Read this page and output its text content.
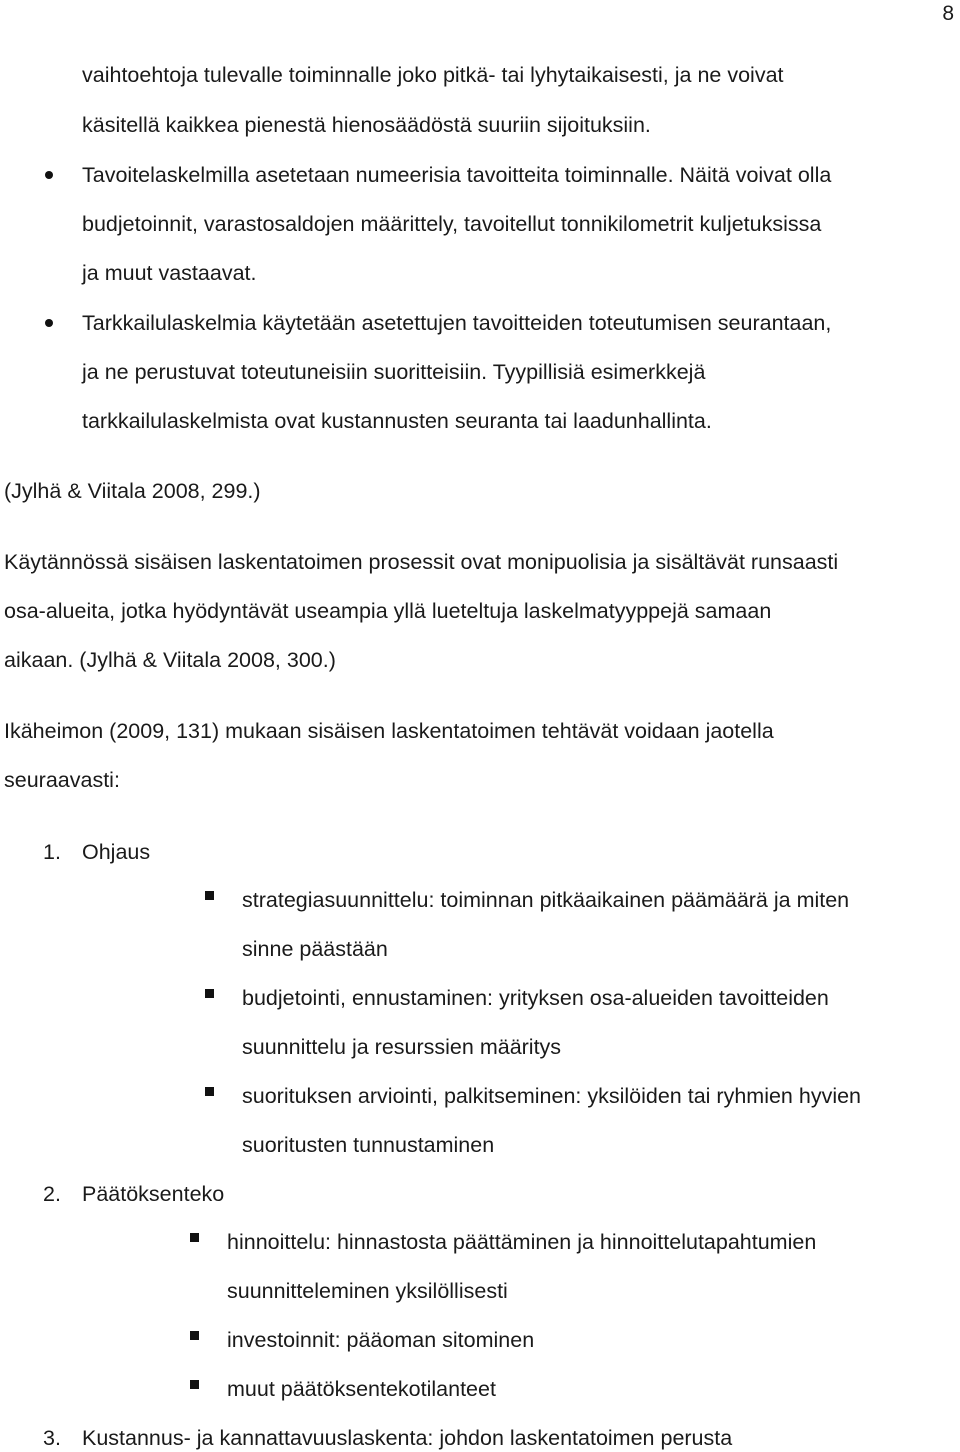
8
vaihtoehtoja tulevalle toiminnalle joko pitkä- tai lyhytaikaisesti, ja ne voivat
käsitellä kaikkea pienestä hienosäädöstä suuriin sijoituksiin.
Tavoitelaskelmilla asetetaan numeerisia tavoitteita toiminnalle. Näitä voivat olla
budjetoinnit, varastosaldojen määrittely, tavoitellut tonnikilometrit kuljetuksissa
ja muut vastaavat.
Tarkkailulaskelmia käytetään asetettujen tavoitteiden toteutumisen seurantaan,
ja ne perustuvat toteutuneisiin suoritteisiin. Tyypillisiä esimerkkejä
tarkkailulaskelmista ovat kustannusten seuranta tai laadunhallinta.
(Jylhä & Viitala 2008, 299.)
Käytännössä sisäisen laskentatoimen prosessit ovat monipuolisia ja sisältävät runsaasti
osa-alueita, jotka hyödyntävät useampia yllä lueteltuja laskelmatyyppejä samaan
aikaan. (Jylhä & Viitala 2008, 300.)
Ikäheimon (2009, 131) mukaan sisäisen laskentatoimen tehtävät voidaan jaotella
seuraavasti:
1. Ohjaus
strategiasuunnittelu: toiminnan pitkäaikainen päämäärä ja miten
sinne päästään
budjetointi, ennustaminen: yrityksen osa-alueiden tavoitteiden
suunnittelu ja resurssien määritys
suorituksen arviointi, palkitseminen: yksilöiden tai ryhmien hyvien
suoritusten tunnustaminen
2. Päätöksenteko
hinnoittelu: hinnastosta päättäminen ja hinnoittelutapahtumien
suunnitteleminen yksilöllisesti
investoinnit: pääoman sitominen
muut päätöksentekotilanteet
3. Kustannus- ja kannattavuuslaskenta: johdon laskentatoimen perusta
